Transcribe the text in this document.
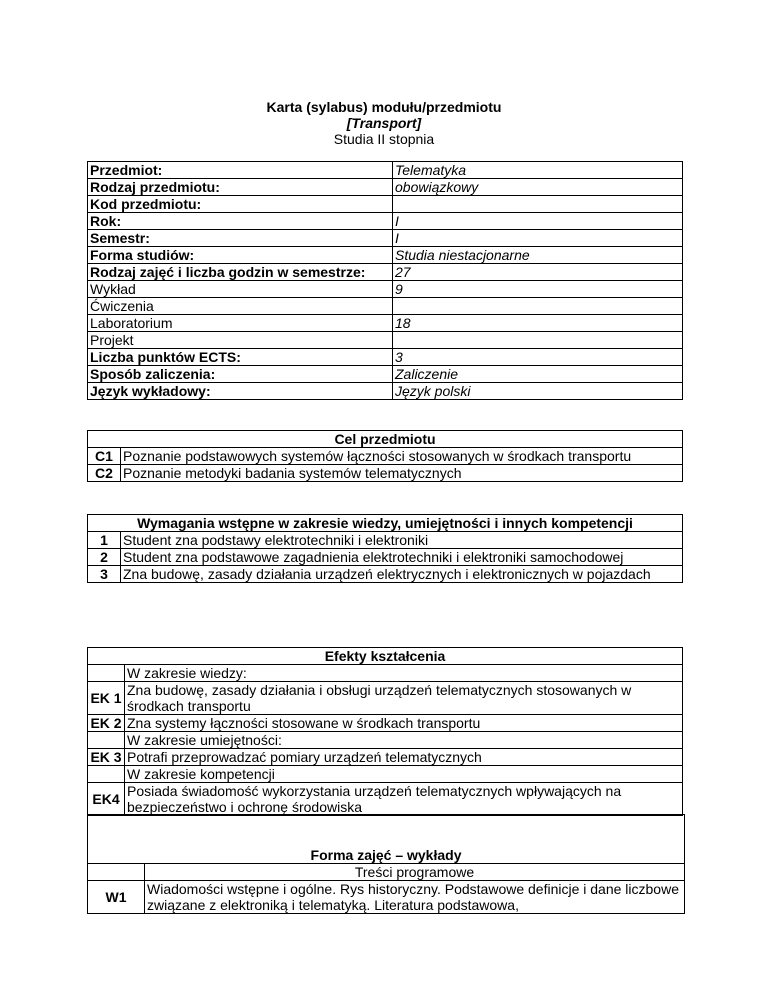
Karta (sylabus) modułu/przedmiotu
[Transport]
Studia II stopnia
Przedmiot:	Telematyka
Rodzaj przedmiotu:	obowiązkowy
Kod przedmiotu:	
Rok:	I
Semestr:	I
Forma studiów:	Studia niestacjonarne
Rodzaj zajęć i liczba godzin w semestrze:	27
Wykład	9
Ćwiczenia	
Laboratorium	18
Projekt	
Liczba punktów ECTS:	3
Sposób zaliczenia:	Zaliczenie
Język wykładowy:	Język polski
Cel przedmiotu	
C1	Poznanie podstawowych systemów łączności stosowanych w środkach transportu
C2	Poznanie metodyki badania systemów telematycznych
Wymagania wstępne w zakresie wiedzy, umiejętności i innych kompetencji	
1	Student zna podstawy elektrotechniki i elektroniki
2	Student zna podstawowe zagadnienia elektrotechniki i elektroniki samochodowej
3	Zna budowę, zasady działania urządzeń elektrycznych i elektronicznych w pojazdach
Efekty kształcenia	
	W zakresie wiedzy:
EK 1	Zna budowę, zasady działania i obsługi urządzeń telematycznych stosowanych w środkach transportu
EK 2	Zna systemy łączności stosowane w środkach transportu
	W zakresie umiejętności:
EK 3	Potrafi przeprowadzać pomiary urządzeń telematycznych
	W zakresie kompetencji
EK4	Posiada świadomość wykorzystania urządzeń telematycznych wpływających na bezpieczeństwo i ochronę środowiska

Forma zajęć – wykłady	
	Treści programowe
W1	Wiadomości wstępne i ogólne. Rys historyczny. Podstawowe definicje i dane liczbowe związane z elektroniką i telematyką. Literatura podstawowa,
